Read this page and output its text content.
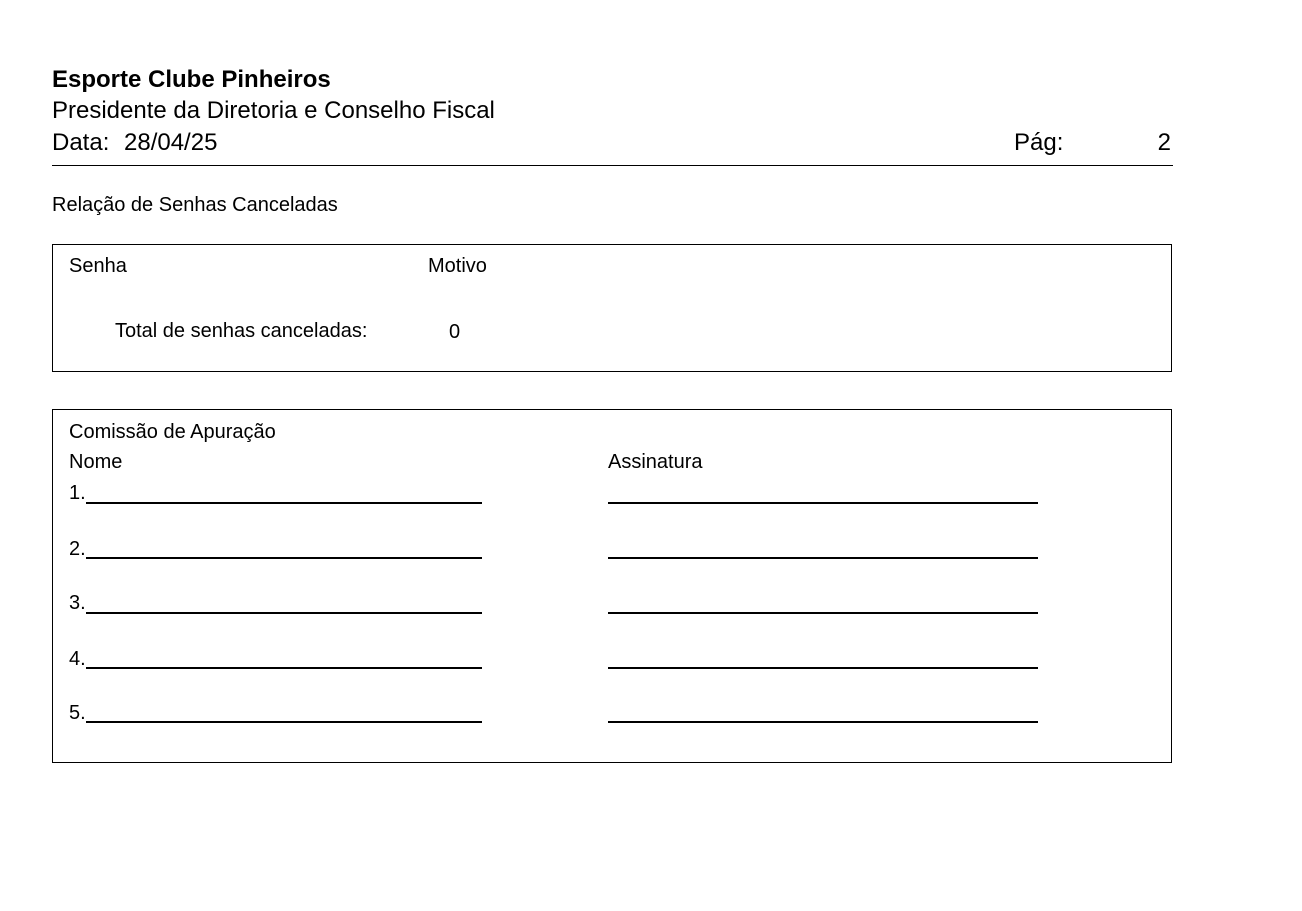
Esporte Clube Pinheiros
Presidente da Diretoria e Conselho Fiscal
Data: 28/04/25	Pág:	2
Relação de Senhas Canceladas
Senha	Motivo
Total de senhas canceladas:	0
Comissão de Apuração
Nome	Assinatura
1.
2.
3.
4.
5.
